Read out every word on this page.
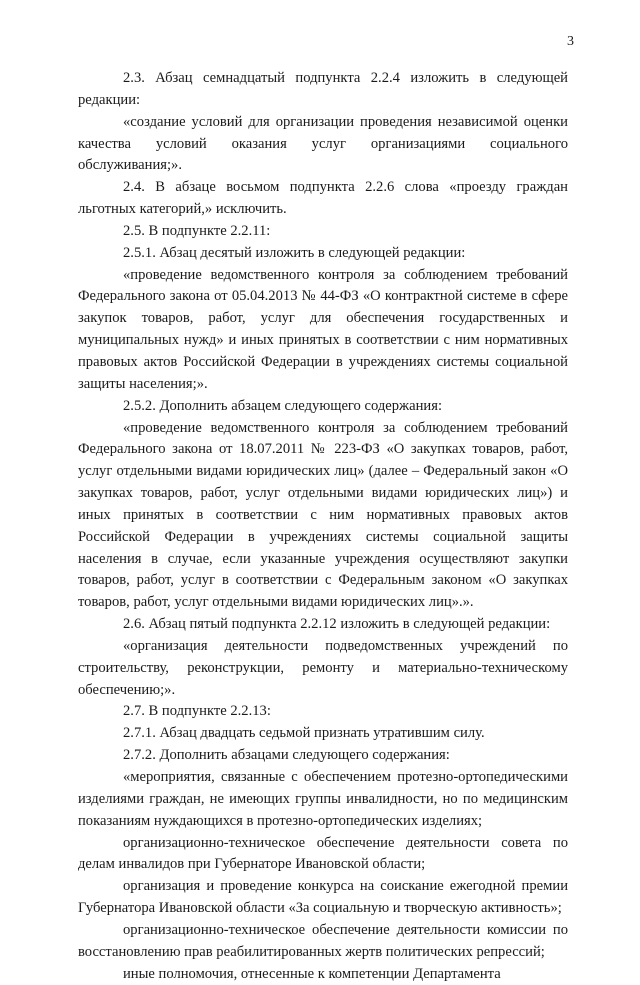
3

2.3. Абзац семнадцатый подпункта 2.2.4 изложить в следующей редакции:

«создание условий для организации проведения независимой оценки качества условий оказания услуг организациями социального обслуживания;».

2.4. В абзаце восьмом подпункта 2.2.6 слова «проезду граждан льготных категорий,» исключить.

2.5. В подпункте 2.2.11:

2.5.1. Абзац десятый изложить в следующей редакции:

«проведение ведомственного контроля за соблюдением требований Федерального закона от 05.04.2013 № 44-ФЗ «О контрактной системе в сфере закупок товаров, работ, услуг для обеспечения государственных и муниципальных нужд» и иных принятых в соответствии с ним нормативных правовых актов Российской Федерации в учреждениях системы социальной защиты населения;».

2.5.2. Дополнить абзацем следующего содержания:

«проведение ведомственного контроля за соблюдением требований Федерального закона от 18.07.2011 № 223-ФЗ «О закупках товаров, работ, услуг отдельными видами юридических лиц» (далее – Федеральный закон «О закупках товаров, работ, услуг отдельными видами юридических лиц») и иных принятых в соответствии с ним нормативных правовых актов Российской Федерации в учреждениях системы социальной защиты населения в случае, если указанные учреждения осуществляют закупки товаров, работ, услуг в соответствии с Федеральным законом «О закупках товаров, работ, услуг отдельными видами юридических лиц».».

2.6. Абзац пятый подпункта 2.2.12 изложить в следующей редакции:

«организация деятельности подведомственных учреждений по строительству, реконструкции, ремонту и материально-техническому обеспечению;».

2.7. В подпункте 2.2.13:

2.7.1. Абзац двадцать седьмой признать утратившим силу.

2.7.2. Дополнить абзацами следующего содержания:

«мероприятия, связанные с обеспечением протезно-ортопедическими изделиями граждан, не имеющих группы инвалидности, но по медицинским показаниям нуждающихся в протезно-ортопедических изделиях;

организационно-техническое обеспечение деятельности совета по делам инвалидов при Губернаторе Ивановской области;

организация и проведение конкурса на соискание ежегодной премии Губернатора Ивановской области «За социальную и творческую активность»;

организационно-техническое обеспечение деятельности комиссии по восстановлению прав реабилитированных жертв политических репрессий;

иные полномочия, отнесенные к компетенции Департамента
